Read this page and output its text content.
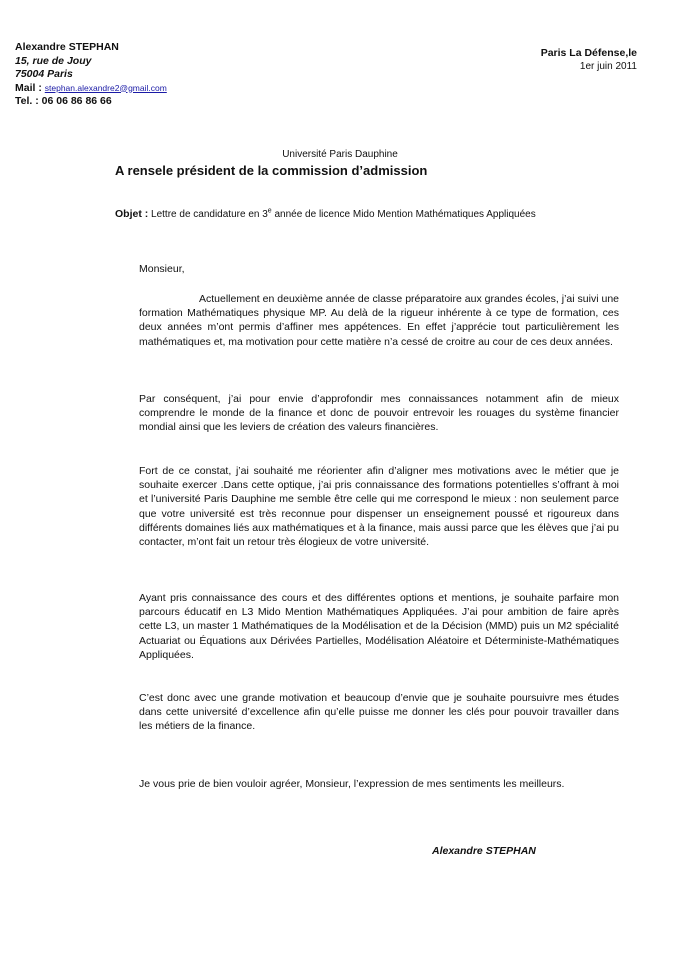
Alexandre STEPHAN
15, rue de Jouy
75004 Paris
Mail : stephan.alexandre2@gmail.com
Tel. : 06 06 86 86 66
Paris La Défense,le
1er juin 2011
Université Paris Dauphine
A rensele président de la commission d’admission
Objet : Lettre de candidature en 3e année de licence Mido Mention Mathématiques Appliquées
Monsieur,

Actuellement en deuxième année de classe préparatoire aux grandes écoles, j’ai suivi une formation Mathématiques physique MP. Au delà de la rigueur inhérente à ce type de formation, ces deux années m’ont permis d’affiner mes appétences. En effet j’apprécie tout particulièrement les mathématiques et, ma motivation pour cette matière n’a cessé de croitre au cour de ces deux années.

Par conséquent, j’ai pour envie d’approfondir mes connaissances notamment afin de mieux comprendre le monde de la finance et donc de pouvoir entrevoir les rouages du système financier mondial ainsi que les leviers de création des valeurs financières.

Fort de ce constat, j’ai souhaité me réorienter afin d’aligner mes motivations avec le métier que je souhaite exercer .Dans cette optique, j’ai pris connaissance des formations potentielles s’offrant à moi et l’université Paris Dauphine me semble être celle qui me correspond le mieux : non seulement parce que votre université est très reconnue pour dispenser un enseignement poussé et rigoureux dans différents domaines liés aux mathématiques et à la finance, mais aussi parce que les élèves que j’ai pu contacter, m’ont fait un retour très élogieux de votre université.

Ayant pris connaissance des cours et des différentes options et mentions, je souhaite parfaire mon parcours éducatif en L3 Mido Mention Mathématiques Appliquées. J’ai pour ambition de faire après cette L3, un master 1 Mathématiques de la Modélisation et de la Décision (MMD) puis un M2 spécialité Actuariat ou Équations aux Dérivées Partielles, Modélisation Aléatoire et Déterministe-Mathématiques Appliquées.

C’est donc avec une grande motivation et beaucoup d’envie que je souhaite poursuivre mes études dans cette université d’excellence afin qu’elle puisse me donner les clés pour pouvoir travailler dans les métiers de la finance.

Je vous prie de bien vouloir agréer, Monsieur, l’expression de mes sentiments les meilleurs.
Alexandre STEPHAN
